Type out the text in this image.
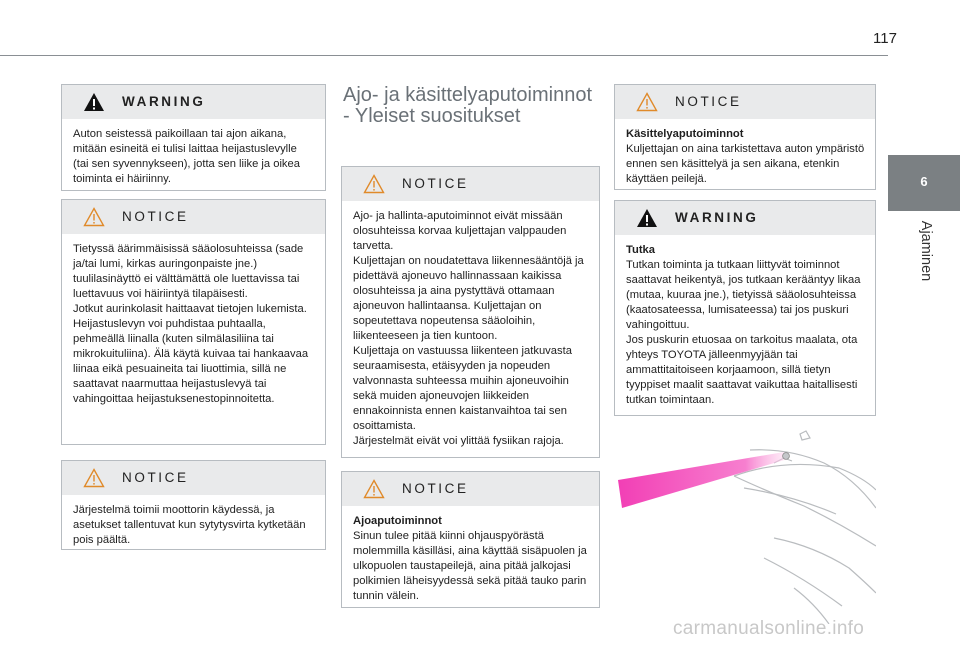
117
6
Ajaminen
WARNING
Auton seistessä paikoillaan tai ajon aikana, mitään esineitä ei tulisi laittaa heijastuslevylle (tai sen syvennykseen), jotta sen liike ja oikea toiminta ei häiriinny.
NOTICE
Tietyssä äärimmäisissä sääolosuhteissa (sade ja/tai lumi, kirkas auringonpaiste jne.) tuulilasinäyttö ei välttämättä ole luettavissa tai luettavuus voi häiriintyä tilapäisesti.
Jotkut aurinkolasit haittaavat tietojen lukemista.
Heijastuslevyn voi puhdistaa puhtaalla, pehmeällä liinalla (kuten silmälasiliina tai mikrokuituliina). Älä käytä kuivaa tai hankaavaa liinaa eikä pesuaineita tai liuottimia, sillä ne saattavat naarmuttaa heijastuslevyä tai vahingoittaa heijastuksenestopinnoitetta.
NOTICE
Järjestelmä toimii moottorin käydessä, ja asetukset tallentuvat kun sytytysvirta kytketään pois päältä.
Ajo- ja käsittelyaputoiminnot - Yleiset suositukset
NOTICE
Ajo- ja hallinta-aputoiminnot eivät missään olosuhteissa korvaa kuljettajan valppauden tarvetta.
Kuljettajan on noudatettava liikennesääntöjä ja pidettävä ajoneuvo hallinnassaan kaikissa olosuhteissa ja aina pystyttävä ottamaan ajoneuvon hallintaansa. Kuljettajan on sopeutettava nopeutensa sääoloihin, liikenteeseen ja tien kuntoon.
Kuljettaja on vastuussa liikenteen jatkuvasta seuraamisesta, etäisyyden ja nopeuden valvonnasta suhteessa muihin ajoneuvoihin sekä muiden ajoneuvojen liikkeiden ennakoinnista ennen kaistanvaihtoa tai sen osoittamista.
Järjestelmät eivät voi ylittää fysiikan rajoja.
NOTICE
Ajoaputoiminnot
Sinun tulee pitää kiinni ohjauspyörästä molemmilla käsilläsi, aina käyttää sisäpuolen ja ulkopuolen taustapeilejä, aina pitää jalkojasi polkimien läheisyydessä sekä pitää tauko parin tunnin välein.
NOTICE
Käsittelyaputoiminnot
Kuljettajan on aina tarkistettava auton ympäristö ennen sen käsittelyä ja sen aikana, etenkin käyttäen peilejä.
WARNING
Tutka
Tutkan toiminta ja tutkaan liittyvät toiminnot saattavat heikentyä, jos tutkaan kerääntyy likaa (mutaa, kuuraa jne.), tietyissä sääolosuhteissa (kaatosateessa, lumisateessa) tai jos puskuri vahingoittuu.
Jos puskurin etuosaa on tarkoitus maalata, ota yhteys TOYOTA jälleenmyyjään tai ammattitaitoiseen korjaamoon, sillä tietyn tyyppiset maalit saattavat vaikuttaa haitallisesti tutkan toimintaan.
carmanualsonline.info
